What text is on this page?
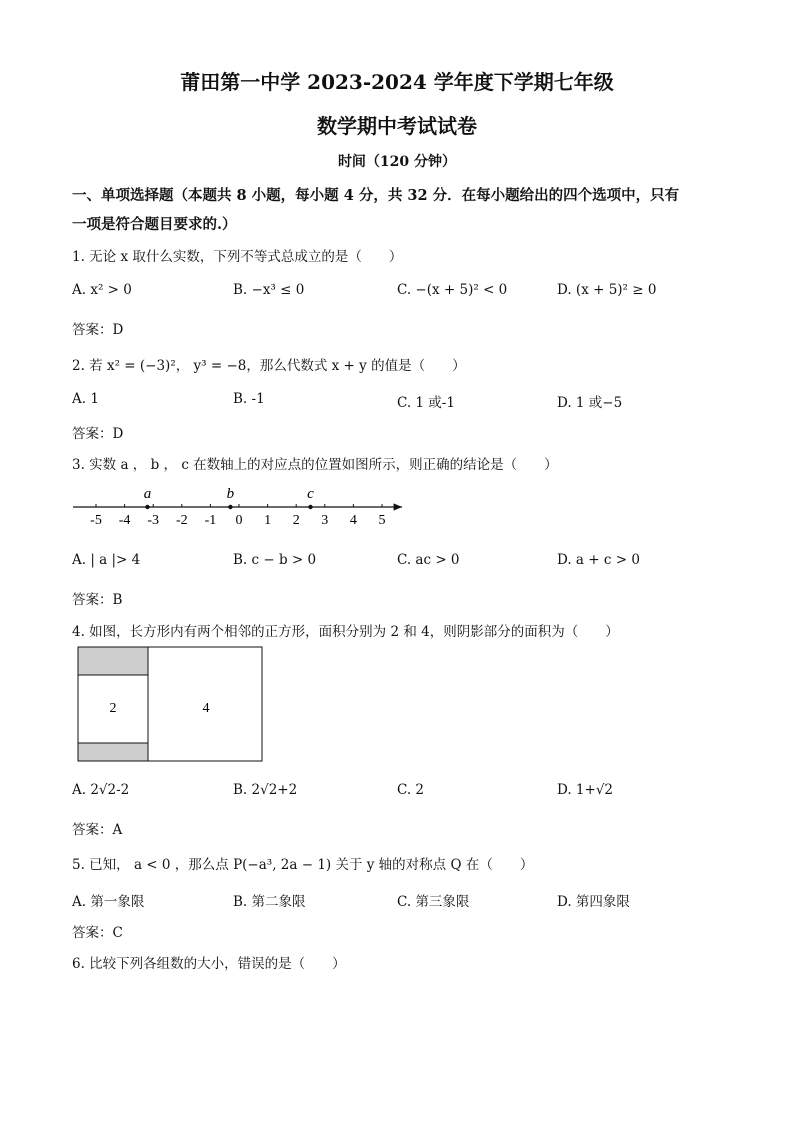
莆田第一中学 2023-2024 学年度下学期七年级
数学期中考试试卷
时间（120 分钟）
一、单项选择题（本题共 8 小题，每小题 4 分，共 32 分．在每小题给出的四个选项中，只有
一项是符合题目要求的.）
1. 无论 x 取什么实数，下列不等式总成立的是（　　）
A. x² > 0	B. −x³ ≤ 0	C. −(x + 5)² < 0	D. (x + 5)² ≥ 0
答案：D
2. 若 x² = (−3)²， y³ = −8，那么代数式 x + y 的值是（　　）
A. 1	B. -1	C. 1 或-1	D. 1 或−5
答案：D
3. 实数 a ， b ， c 在数轴上的对应点的位置如图所示，则正确的结论是（　　）
-5 -4 -3 -2 -1 0 1 2 3 4 5
a	b	c
A. | a |> 4	B. c − b > 0	C. ac > 0	D. a + c > 0
答案：B
4. 如图，长方形内有两个相邻的正方形，面积分别为 2 和 4，则阴影部分的面积为（　　）
2	4
A. 2√2-2	B. 2√2+2	C. 2	D. 1+√2
答案：A
5. 已知， a < 0 ，那么点 P(−a³, 2a − 1) 关于 y 轴的对称点 Q 在（　　）
A. 第一象限	B. 第二象限	C. 第三象限	D. 第四象限
答案：C
6. 比较下列各组数的大小，错误的是（　　）
